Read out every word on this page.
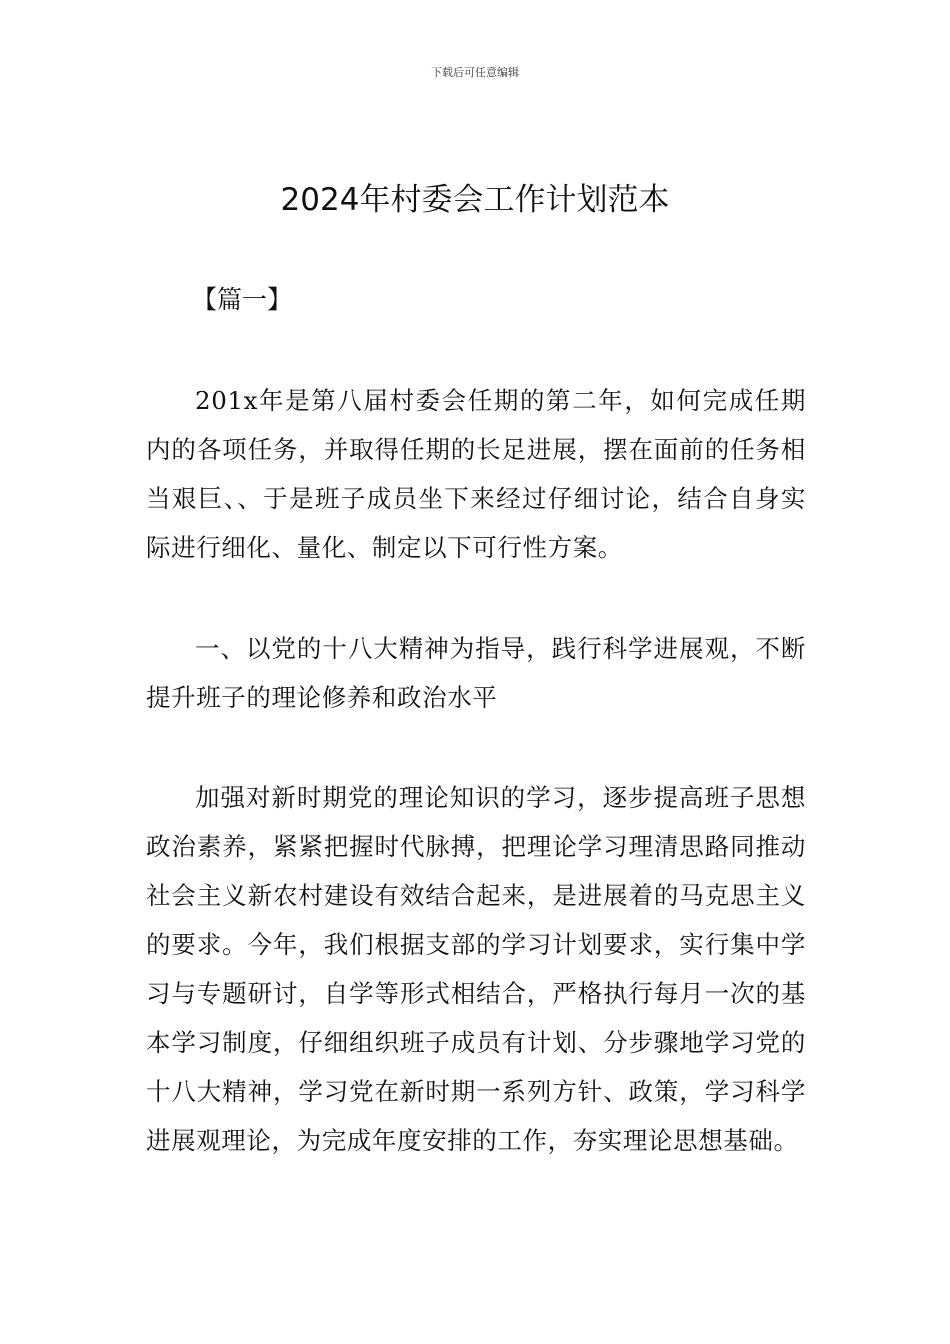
下载后可任意编辑
2024年村委会工作计划范本
【篇一】

201x年是第八届村委会任期的第二年，如何完成任期内的各项任务，并取得任期的长足进展，摆在面前的任务相当艰巨、、于是班子成员坐下来经过仔细讨论，结合自身实际进行细化、量化、制定以下可行性方案。

一、以党的十八大精神为指导，践行科学进展观，不断提升班子的理论修养和政治水平

加强对新时期党的理论知识的学习，逐步提高班子思想政治素养，紧紧把握时代脉搏，把理论学习理清思路同推动社会主义新农村建设有效结合起来，是进展着的马克思主义的要求。今年，我们根据支部的学习计划要求，实行集中学习与专题研讨，自学等形式相结合，严格执行每月一次的基本学习制度，仔细组织班子成员有计划、分步骤地学习党的十八大精神，学习党在新时期一系列方针、政策，学习科学进展观理论，为完成年度安排的工作，夯实理论思想基础。
